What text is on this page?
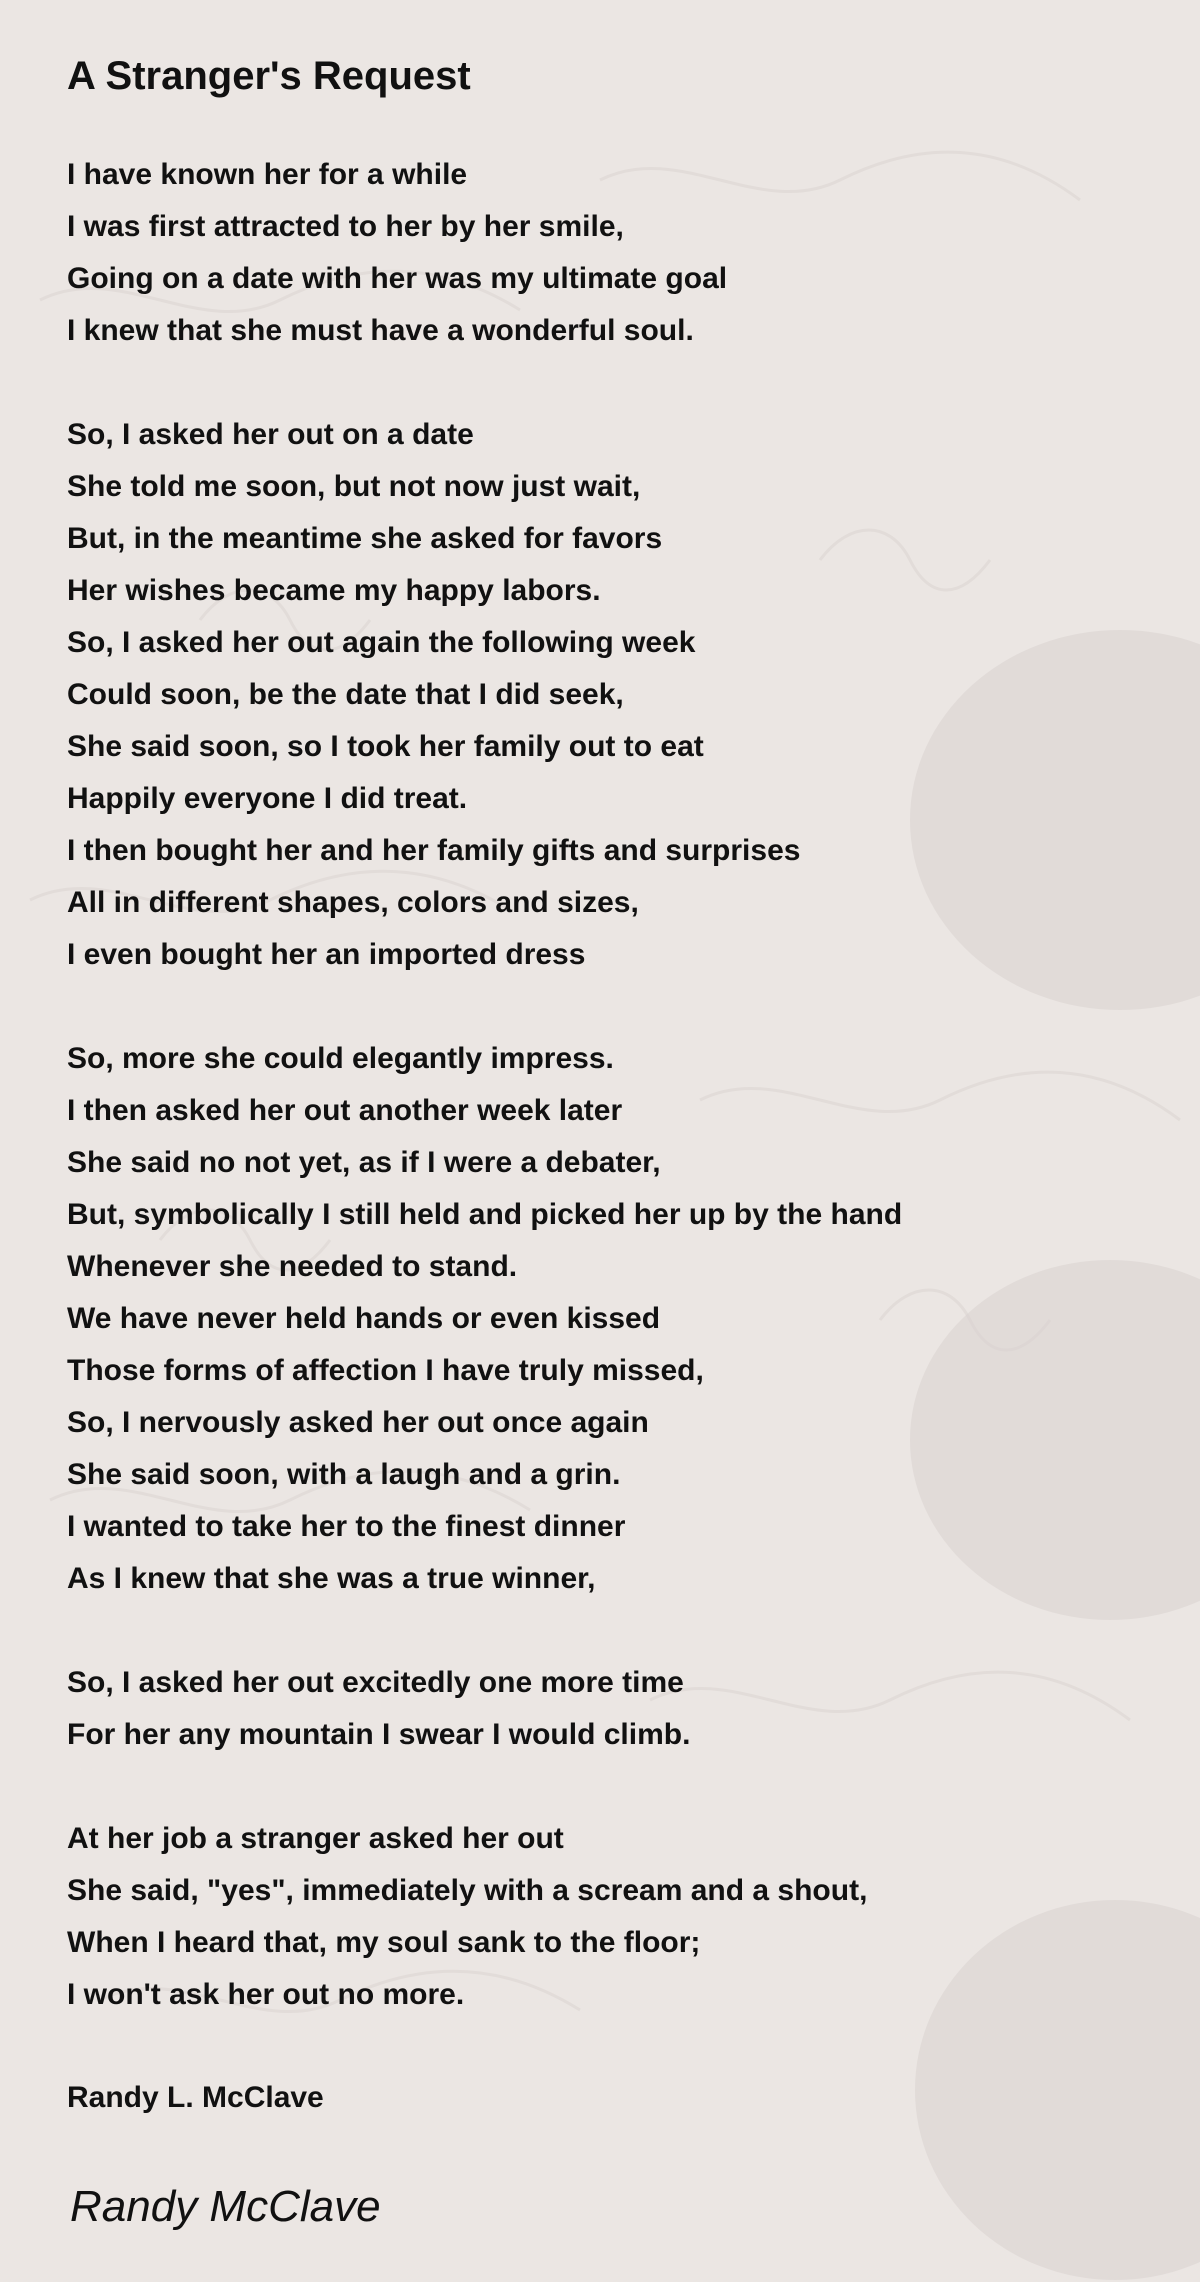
A Stranger's Request
I have known her for a while
I was first attracted to her by her smile,
Going on a date with her was my ultimate goal
I knew that she must have a wonderful soul.
So, I asked her out on a date
She told me soon, but not now just wait,
But, in the meantime she asked for favors
Her wishes became my happy labors.
So, I asked her out again the following week
Could soon, be the date that I did seek,
She said soon, so I took her family out to eat
Happily everyone I did treat.
I then bought her and her family gifts and surprises
All in different shapes, colors and sizes,
I even bought her an imported dress
So, more she could elegantly impress.
I then asked her out another week later
She said no not yet, as if I were a debater,
But, symbolically I still held and picked her up by the hand
Whenever she needed to stand.
We have never held hands or even kissed
Those forms of affection I have truly missed,
So, I nervously asked her out once again
She said soon, with a laugh and a grin.
I wanted to take her to the finest dinner
As I knew that she was a true winner,
So, I asked her out excitedly one more time
For her any mountain I swear I would climb.
At her job a stranger asked her out
She said, "yes", immediately with a scream and a shout,
When I heard that, my soul sank to the floor;
I won't ask her out no more.
Randy L. McClave
Randy McClave
